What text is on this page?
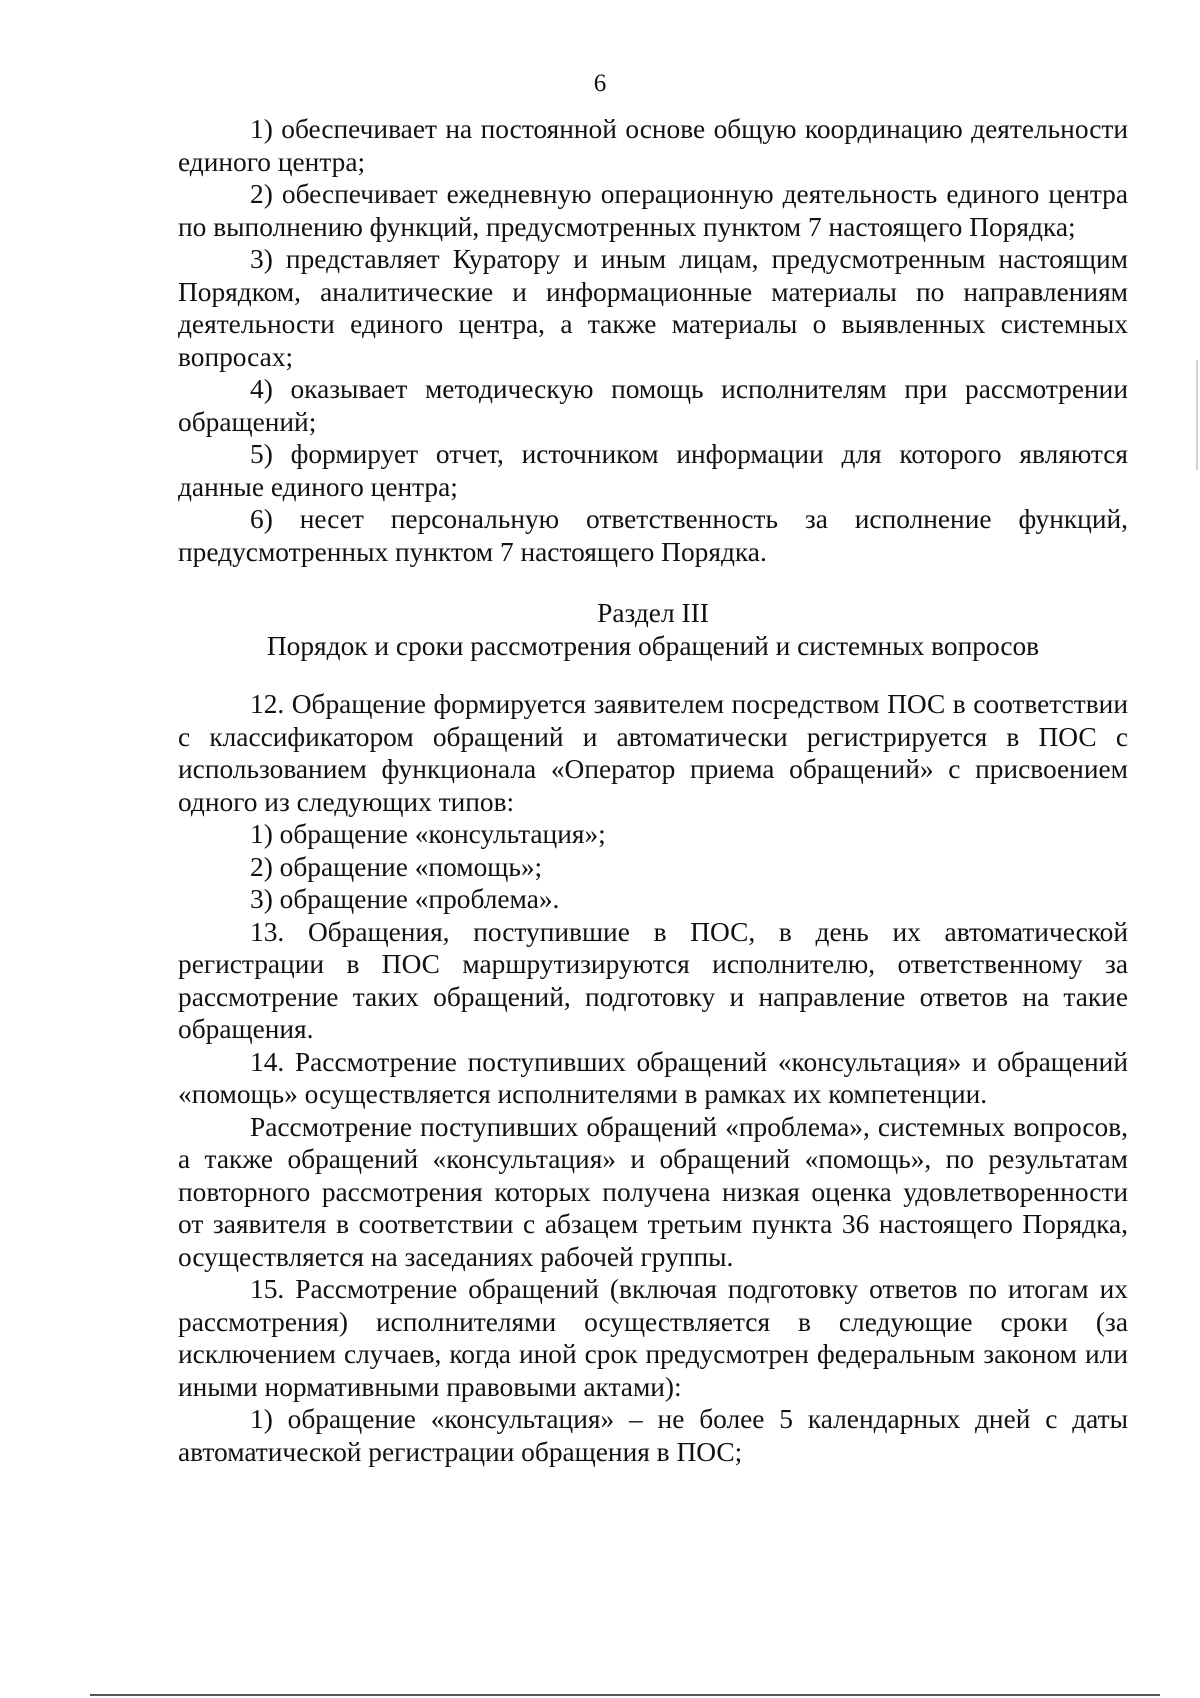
6

1) обеспечивает на постоянной основе общую координацию деятельности единого центра;

2) обеспечивает ежедневную операционную деятельность единого центра по выполнению функций, предусмотренных пунктом 7 настоящего Порядка;

3) представляет Куратору и иным лицам, предусмотренным настоящим Порядком, аналитические и информационные материалы по направлениям деятельности единого центра, а также материалы о выявленных системных вопросах;

4) оказывает методическую помощь исполнителям при рассмотрении обращений;

5) формирует отчет, источником информации для которого являются данные единого центра;

6) несет персональную ответственность за исполнение функций, предусмотренных пунктом 7 настоящего Порядка.

Раздел III

Порядок и сроки рассмотрения обращений и системных вопросов

12. Обращение формируется заявителем посредством ПОС в соответствии с классификатором обращений и автоматически регистрируется в ПОС с использованием функционала «Оператор приема обращений» с присвоением одного из следующих типов:

1) обращение «консультация»;

2) обращение «помощь»;

3) обращение «проблема».

13. Обращения, поступившие в ПОС, в день их автоматической регистрации в ПОС маршрутизируются исполнителю, ответственному за рассмотрение таких обращений, подготовку и направление ответов на такие обращения.

14. Рассмотрение поступивших обращений «консультация» и обращений «помощь» осуществляется исполнителями в рамках их компетенции.

Рассмотрение поступивших обращений «проблема», системных вопросов, а также обращений «консультация» и обращений «помощь», по результатам повторного рассмотрения которых получена низкая оценка удовлетворенности от заявителя в соответствии с абзацем третьим пункта 36 настоящего Порядка, осуществляется на заседаниях рабочей группы.

15. Рассмотрение обращений (включая подготовку ответов по итогам их рассмотрения) исполнителями осуществляется в следующие сроки (за исключением случаев, когда иной срок предусмотрен федеральным законом или иными нормативными правовыми актами):

1) обращение «консультация» – не более 5 календарных дней с даты автоматической регистрации обращения в ПОС;
